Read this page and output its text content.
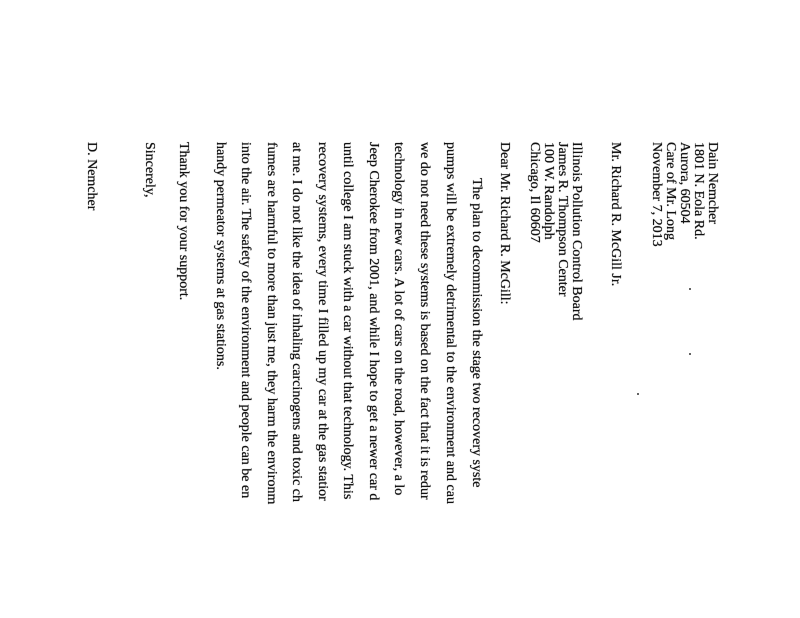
Dain Nemcher
1801 N. Eola Rd.
Aurora, 60504
Care of Mr. Long
November 7, 2013
Mr. Richard R. McGill Jr.
Illinois Pollution Control Board
James R. Thompson Center
100 W. Randolph
Chicago, Il 60607
Dear Mr. Richard R. McGill:
The plan to decommission the stage two recovery syste
pumps will be extremely detrimental to the environment and cau
we do not need these systems is based on the fact that it is redur
technology in new cars. A lot of cars on the road, however, a lo
Jeep Cherokee from 2001, and while I hope to get a newer car d
until college I am stuck with a car without that technology. This
recovery systems, every time I filled up my car at the gas statior
at me. I do not like the idea of inhaling carcinogens and toxic ch
fumes are harmful to more than just me, they harm the environm
into the air. The safety of the environment and people can be en
handy permeator systems at gas stations.
Thank you for your support.
Sincerely,
D. Nemcher
